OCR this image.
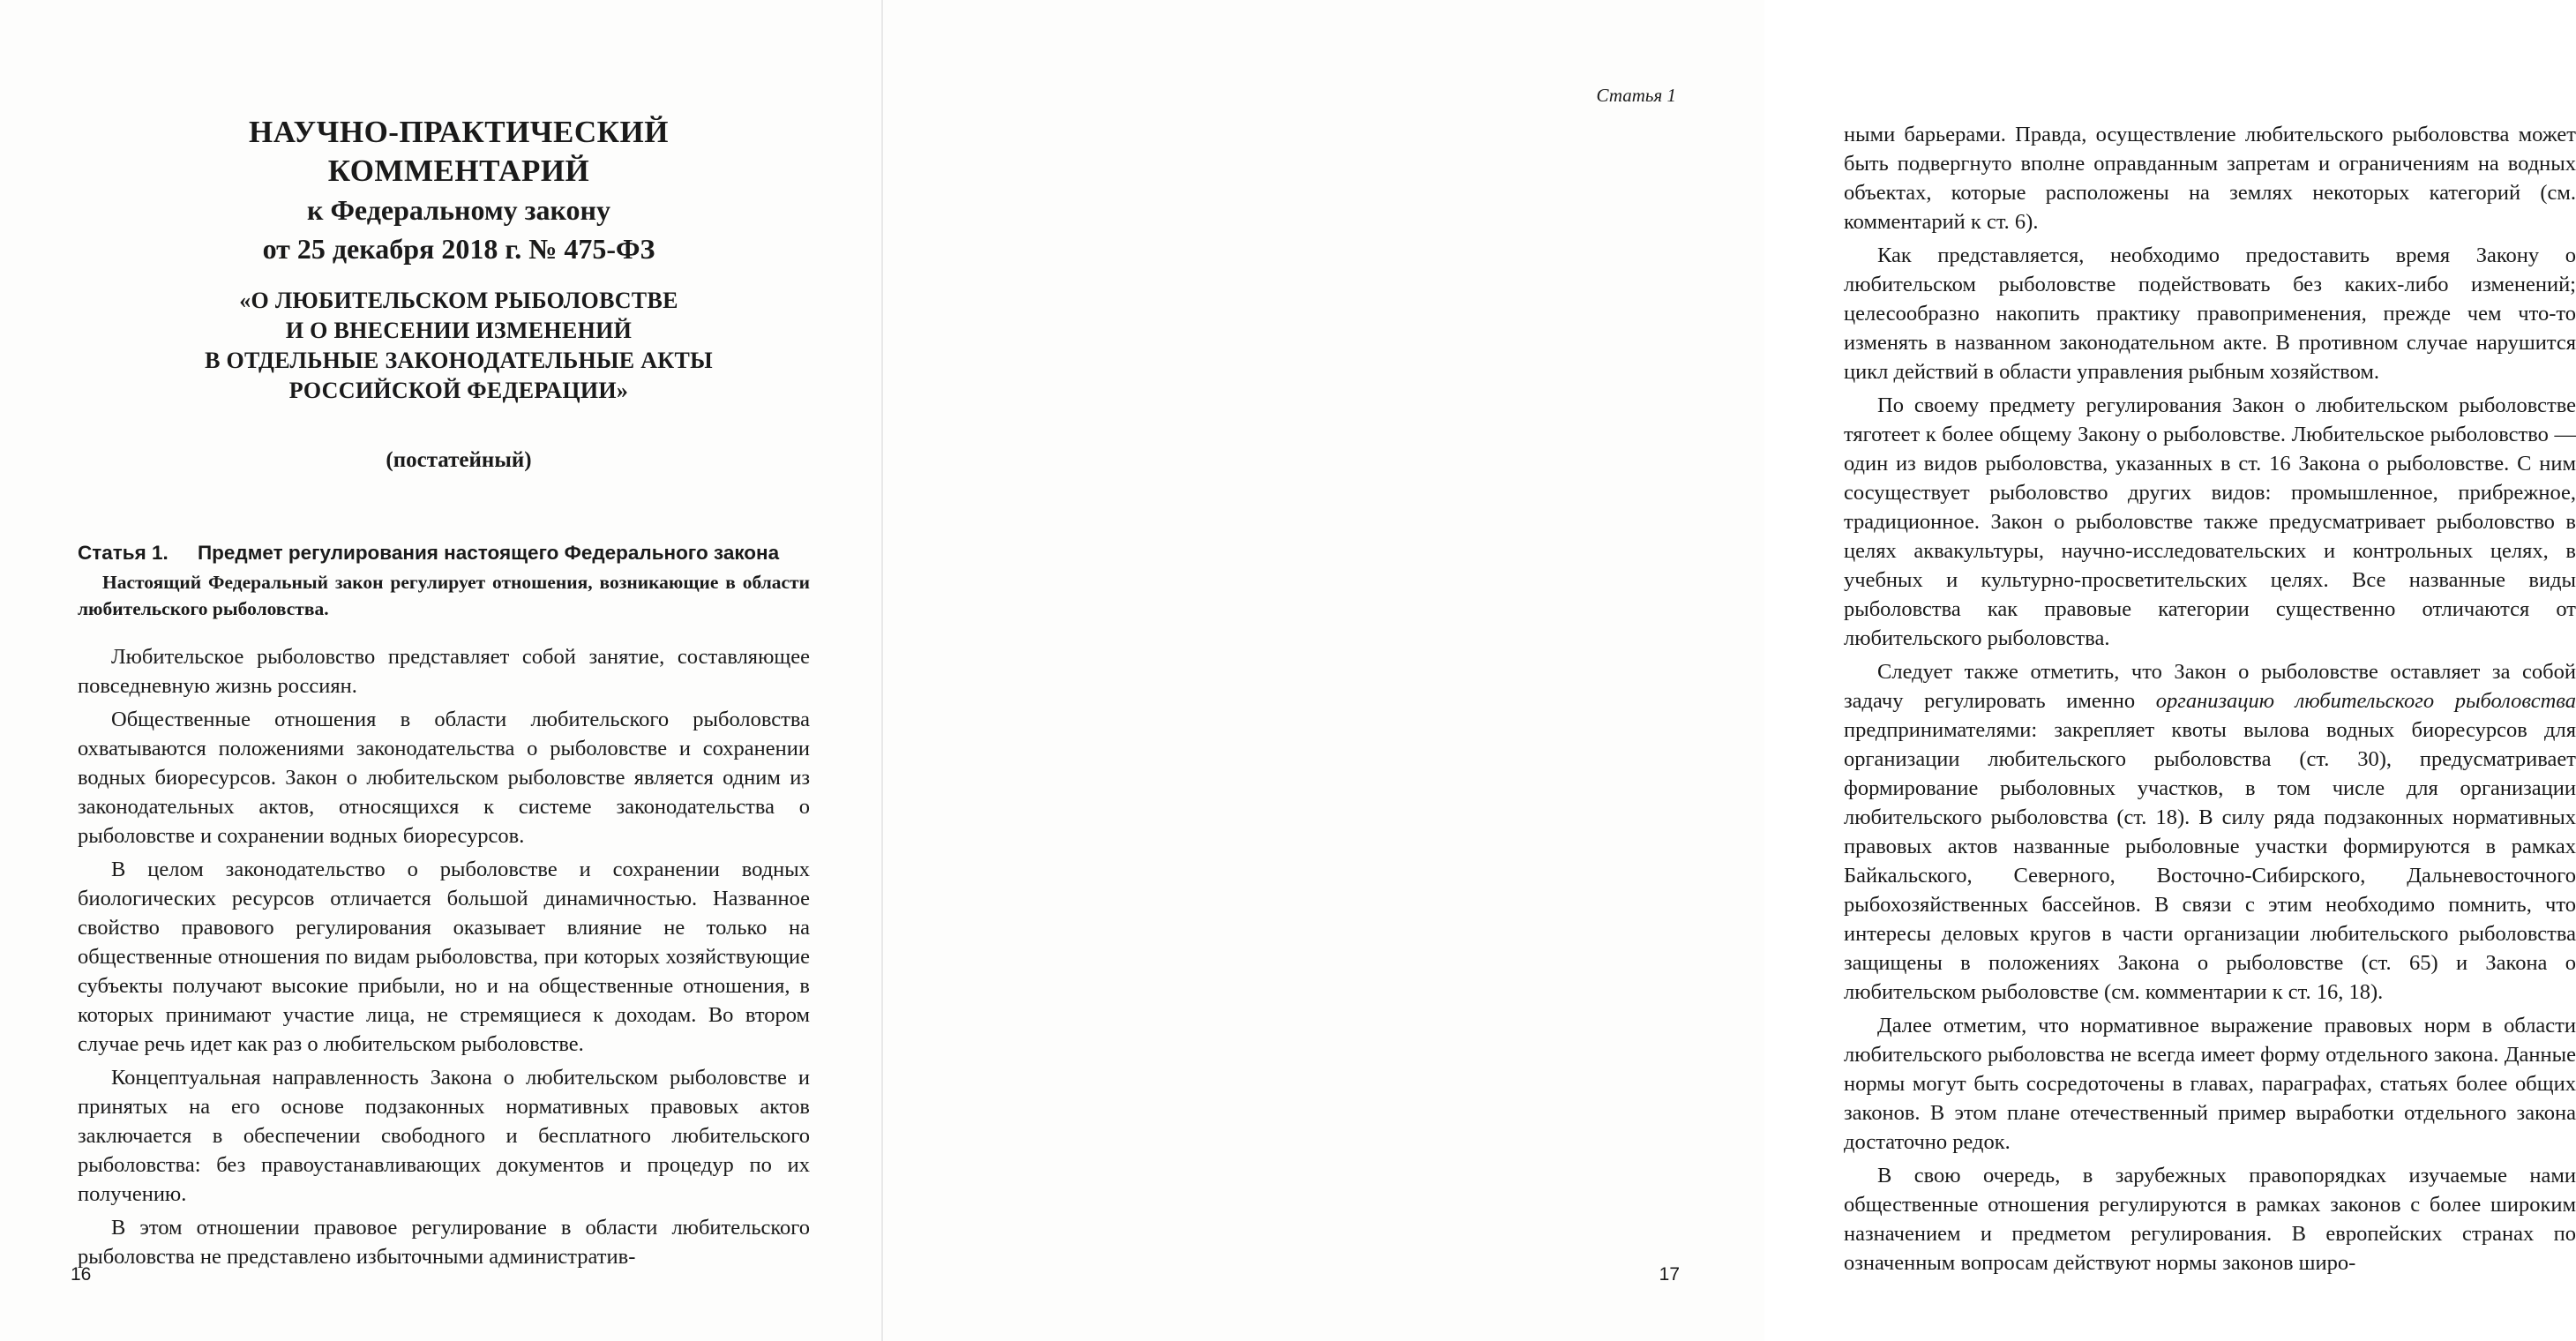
НАУЧНО-ПРАКТИЧЕСКИЙ
КОММЕНТАРИЙ
к Федеральному закону
от 25 декабря 2018 г. № 475-ФЗ
«О ЛЮБИТЕЛЬСКОМ РЫБОЛОВСТВЕ
И О ВНЕСЕНИИ ИЗМЕНЕНИЙ
В ОТДЕЛЬНЫЕ ЗАКОНОДАТЕЛЬНЫЕ АКТЫ
РОССИЙСКОЙ ФЕДЕРАЦИИ»
(постатейный)
Статья 1. Предмет регулирования настоящего Федерального закона
Настоящий Федеральный закон регулирует отношения, возникающие в области любительского рыболовства.

Любительское рыболовство представляет собой занятие, составляющее повседневную жизнь россиян.

Общественные отношения в области любительского рыболовства охватываются положениями законодательства о рыболовстве и сохранении водных биоресурсов. Закон о любительском рыболовстве является одним из законодательных актов, относящихся к системе законодательства о рыболовстве и сохранении водных биоресурсов.

В целом законодательство о рыболовстве и сохранении водных биологических ресурсов отличается большой динамичностью. Названное свойство правового регулирования оказывает влияние не только на общественные отношения по видам рыболовства, при которых хозяйствующие субъекты получают высокие прибыли, но и на общественные отношения, в которых принимают участие лица, не стремящиеся к доходам. Во втором случае речь идет как раз о любительском рыболовстве.

Концептуальная направленность Закона о любительском рыболовстве и принятых на его основе подзаконных нормативных правовых актов заключается в обеспечении свободного и бесплатного любительского рыболовства: без правоустанавливающих документов и процедур по их получению.

В этом отношении правовое регулирование в области любительского рыболовства не представлено избыточными административ-

16
Статья 1

ными барьерами. Правда, осуществление любительского рыболовства может быть подвергнуто вполне оправданным запретам и ограничениям на водных объектах, которые расположены на землях некоторых категорий (см. комментарий к ст. 6).

Как представляется, необходимо предоставить время Закону о любительском рыболовстве подействовать без каких-либо изменений; целесообразно накопить практику правоприменения, прежде чем что-то изменять в названном законодательном акте. В противном случае нарушится цикл действий в области управления рыбным хозяйством.

По своему предмету регулирования Закон о любительском рыболовстве тяготеет к более общему Закону о рыболовстве. Любительское рыболовство — один из видов рыболовства, указанных в ст. 16 Закона о рыболовстве. С ним сосуществует рыболовство других видов: промышленное, прибрежное, традиционное. Закон о рыболовстве также предусматривает рыболовство в целях аквакультуры, научно-исследовательских и контрольных целях, в учебных и культурно-просветительских целях. Все названные виды рыболовства как правовые категории существенно отличаются от любительского рыболовства.

Следует также отметить, что Закон о рыболовстве оставляет за собой задачу регулировать именно организацию любительского рыболовства предпринимателями: закрепляет квоты вылова водных биоресурсов для организации любительского рыболовства (ст. 30), предусматривает формирование рыболовных участков, в том числе для организации любительского рыболовства (ст. 18). В силу ряда подзаконных нормативных правовых актов названные рыболовные участки формируются в рамках Байкальского, Северного, Восточно-Сибирского, Дальневосточного рыбохозяйственных бассейнов. В связи с этим необходимо помнить, что интересы деловых кругов в части организации любительского рыболовства защищены в положениях Закона о рыболовстве (ст. 65) и Закона о любительском рыболовстве (см. комментарии к ст. 16, 18).

Далее отметим, что нормативное выражение правовых норм в области любительского рыболовства не всегда имеет форму отдельного закона. Данные нормы могут быть сосредоточены в главах, параграфах, статьях более общих законов. В этом плане отечественный пример выработки отдельного закона достаточно редок.

В свою очередь, в зарубежных правопорядках изучаемые нами общественные отношения регулируются в рамках законов с более широким назначением и предметом регулирования. В европейских странах по означенным вопросам действуют нормы законов широ-

17
